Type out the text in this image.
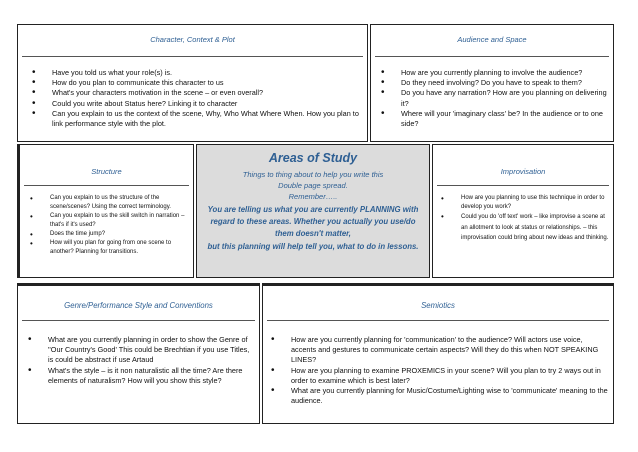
Character, Context & Plot
• Have you told us what your role(s) is.
• How do you plan to communicate this character to us
• What's your characters motivation in the scene – or even overall?
• Could you write about Status here? Linking it to character
• Can you explain to us the context of the scene, Why, Who What Where When. How you plan to link performance style with the plot.
Audience and Space
• How are you currently planning to involve the audience?
• Do they need involving? Do you have to speak to them?
• Do you have any narration? How are you planning on delivering it?
• Where will your 'imaginary class' be? In the audience or to one side?
Structure
• Can you explain to us the structure of the scene/scenes? Using the correct terminology.
• Can you explain to us the skill switch in narration – that's if it's used?
• Does the time jump?
• How will you plan for going from one scene to another? Planning for transitions.
Areas of Study
Things to thing about to help you write this
Double page spread.
Remember…..
You are telling us what you are currently PLANNING with
regard to these areas. Whether you actually you use/do
them doesn't matter,
but this planning will help tell you, what to do in lessons.
Improvisation
• How are you planning to use this technique in order to develop you work?
• Could you do 'off text' work – like improvise a scene at an allotment to look at status or relationships. – this improvisation could bring about new ideas and thinking.
Genre/Performance Style and Conventions
• What are you currently planning in order to show the Genre of ''Our Country's Good' This could be Brechtian if you use Titles, is could be abstract if use Artaud
• What's the style – is it non naturalistic all the time? Are there elements of naturalism? How will you show this style?
Semiotics
• How are you currently planning for 'communication' to the audience? Will actors use voice, accents and gestures to communicate certain aspects? Will they do this when NOT SPEAKING LINES?
• How are you planning to examine PROXEMICS in your scene? Will you plan to try 2 ways out in order to examine which is best later?
• What are you currently planning for Music/Costume/Lighting wise to 'communicate' meaning to the audience.
